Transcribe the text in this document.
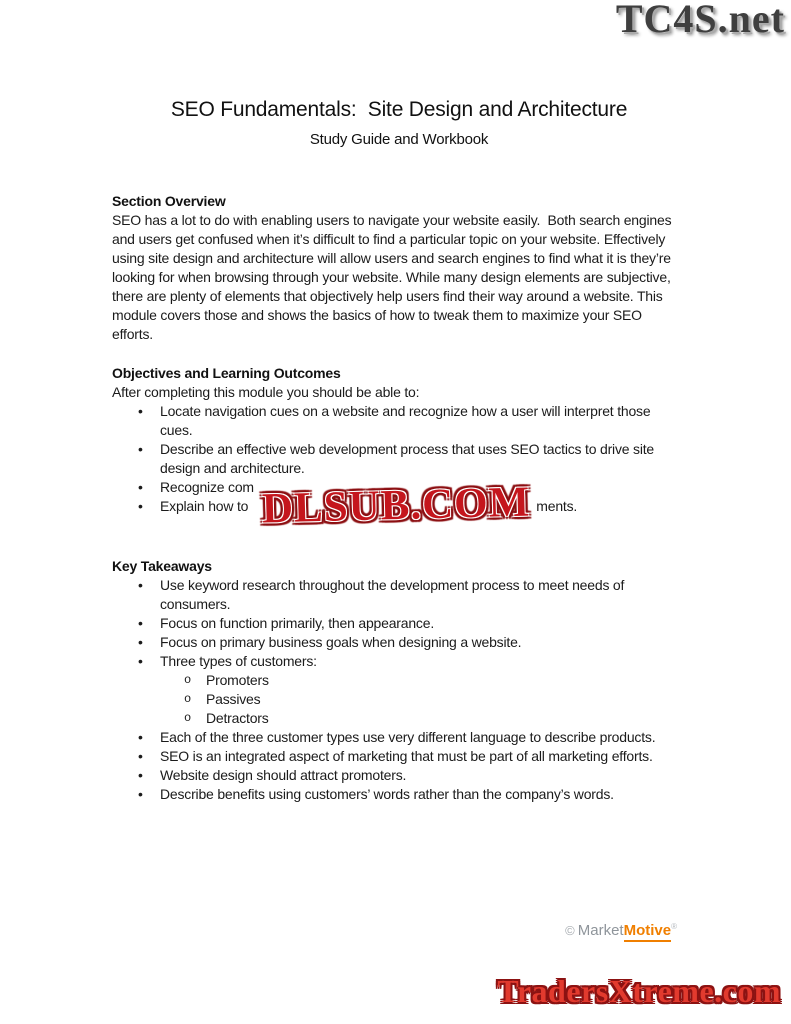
TC4S.net
SEO Fundamentals:  Site Design and Architecture
Study Guide and Workbook
Section Overview

SEO has a lot to do with enabling users to navigate your website easily.  Both search engines and users get confused when it’s difficult to find a particular topic on your website. Effectively using site design and architecture will allow users and search engines to find what it is they’re looking for when browsing through your website. While many design elements are subjective, there are plenty of elements that objectively help users find their way around a website. This module covers those and shows the basics of how to tweak them to maximize your SEO efforts.

Objectives and Learning Outcomes
After completing this module you should be able to:
•	Locate navigation cues on a website and recognize how a user will interpret those cues.
•	Describe an effective web development process that uses SEO tactics to drive site design and architecture.
•	Recognize com
•	Explain how to	ments.
Key Takeaways
•	Use keyword research throughout the development process to meet needs of consumers.
•	Focus on function primarily, then appearance.
•	Focus on primary business goals when designing a website.
•	Three types of customers:
o	Promoters
o	Passives
o	Detractors
•	Each of the three customer types use very different language to describe products.
•	SEO is an integrated aspect of marketing that must be part of all marketing efforts.
•	Website design should attract promoters.
•	Describe benefits using customers’ words rather than the company’s words.
© MarketMotive®
DLSUB.COM
TradersXtreme.com
